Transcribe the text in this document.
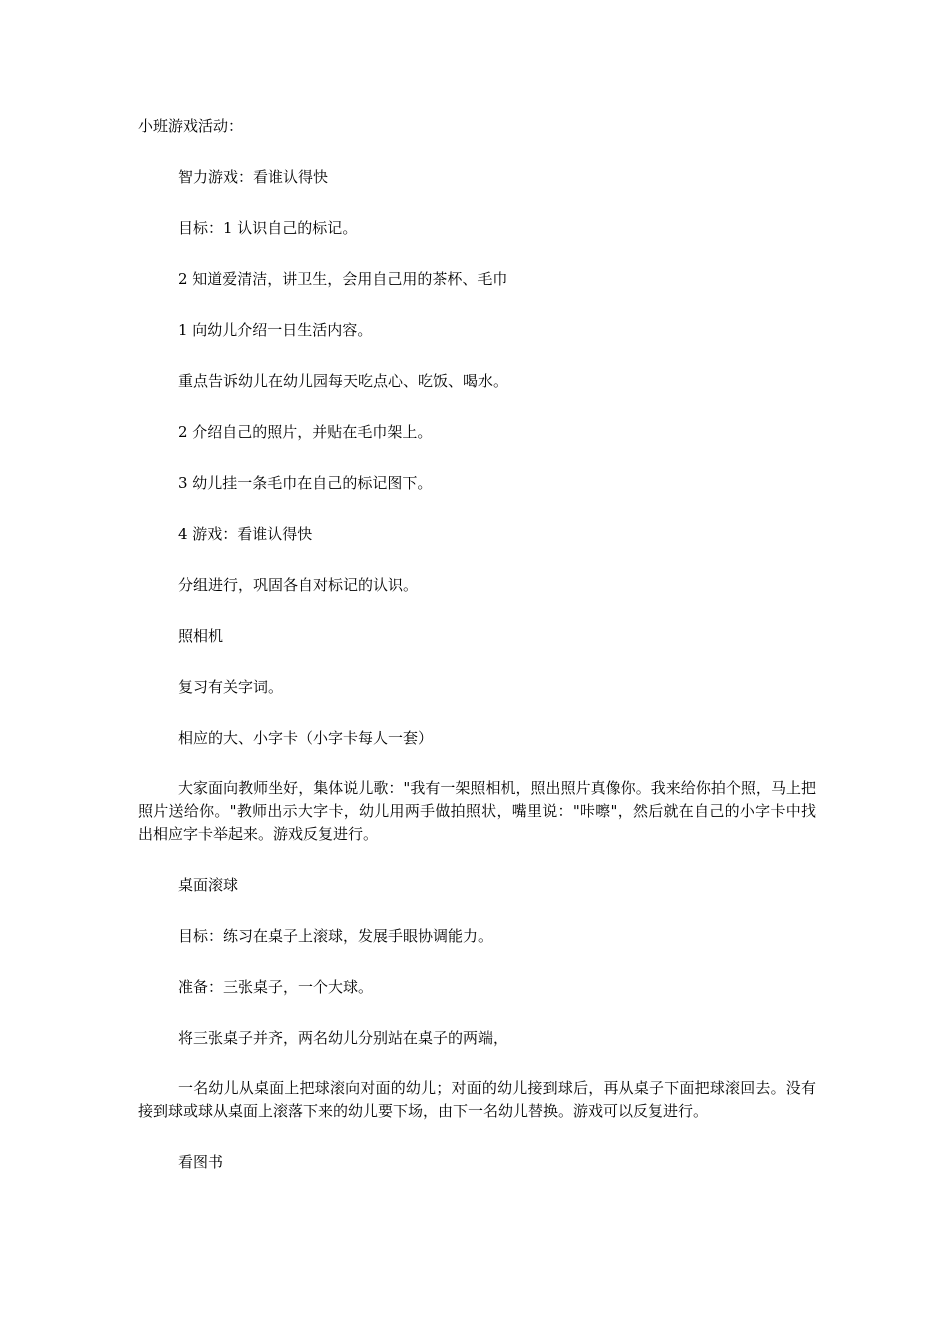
小班游戏活动：

智力游戏：看谁认得快

目标：1 认识自己的标记。

2 知道爱清洁，讲卫生，会用自己用的茶杯、毛巾

1 向幼儿介绍一日生活内容。

重点告诉幼儿在幼儿园每天吃点心、吃饭、喝水。

2 介绍自己的照片，并贴在毛巾架上。

3 幼儿挂一条毛巾在自己的标记图下。

4 游戏：看谁认得快

分组进行，巩固各自对标记的认识。

照相机

复习有关字词。

相应的大、小字卡（小字卡每人一套）

大家面向教师坐好，集体说儿歌："我有一架照相机，照出照片真像你。我来给你拍个照，马上把照片送给你。"教师出示大字卡，幼儿用两手做拍照状，嘴里说："咔嚓"，然后就在自己的小字卡中找出相应字卡举起来。游戏反复进行。

桌面滚球

目标：练习在桌子上滚球，发展手眼协调能力。

准备：三张桌子，一个大球。

将三张桌子并齐，两名幼儿分别站在桌子的两端，

一名幼儿从桌面上把球滚向对面的幼儿；对面的幼儿接到球后，再从桌子下面把球滚回去。没有接到球或球从桌面上滚落下来的幼儿要下场，由下一名幼儿替换。游戏可以反复进行。

看图书
